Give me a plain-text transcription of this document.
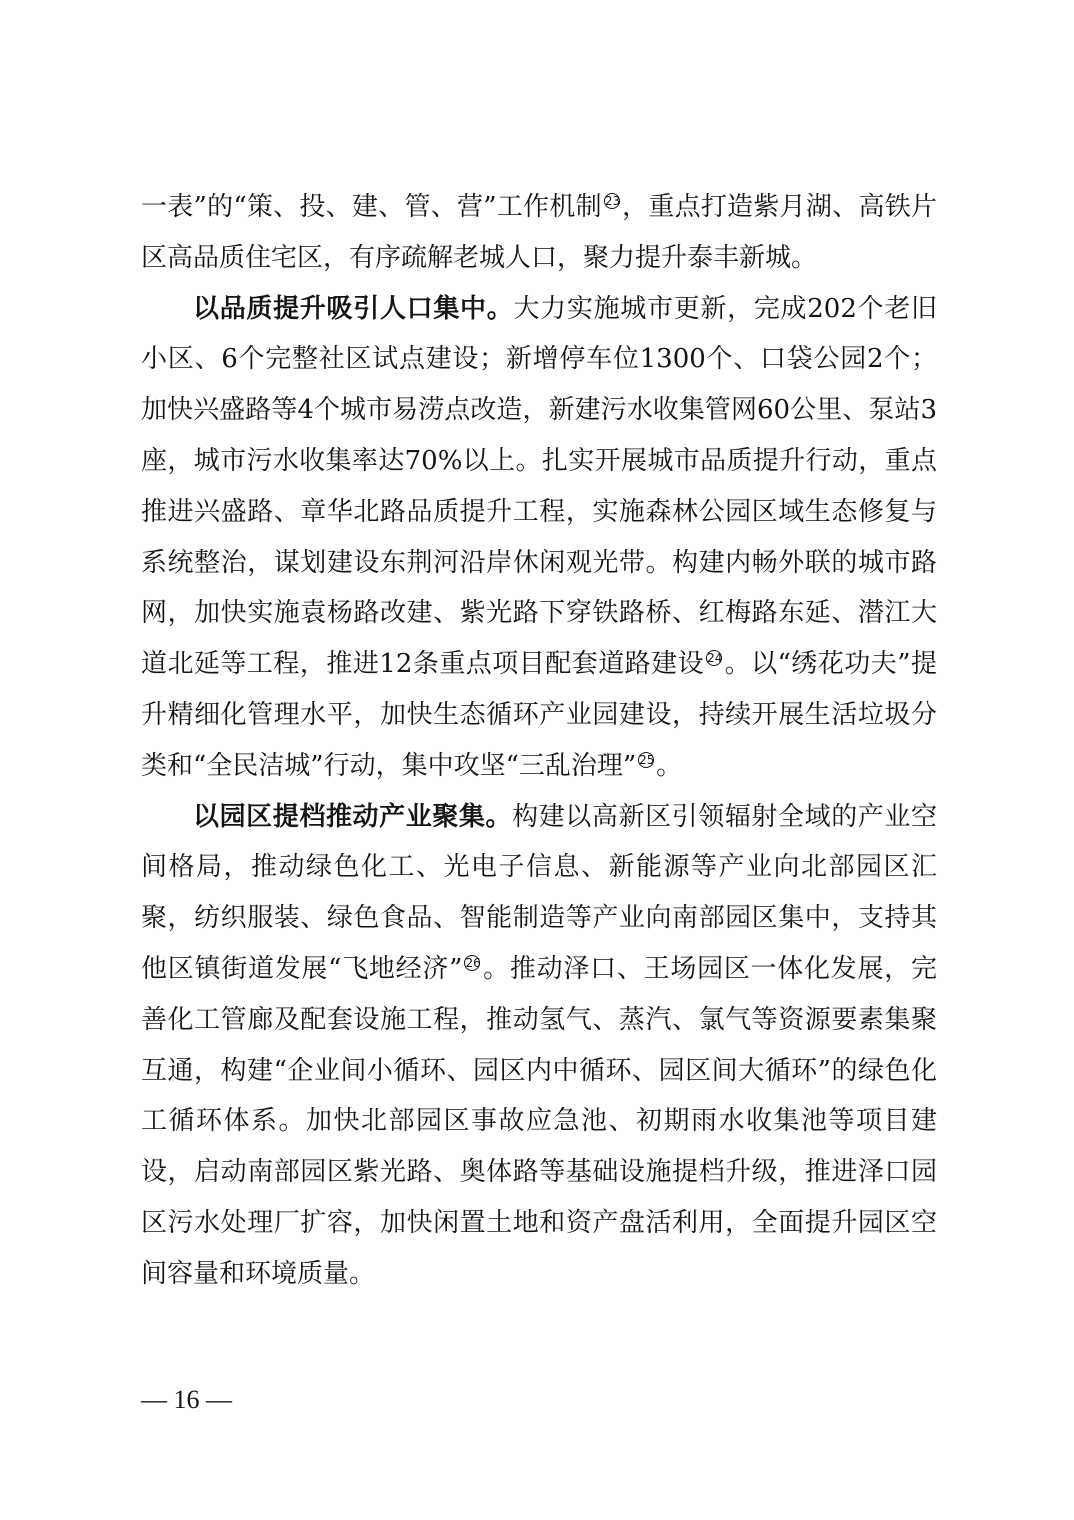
一表”的“策、投、建、管、营”工作机制 $^{23}$，重点打造紫月湖、高铁片区高品质住宅区，有序疏解老城人口，聚力提升泰丰新城。

以品质提升吸引人口集中。大力实施城市更新，完成202个老旧小区、6个完整社区试点建设；新增停车位1300个、口袋公园2个；加快兴盛路等4个城市易涝点改造，新建污水收集管网60公里、泵站3座，城市污水收集率达70%以上。扎实开展城市品质提升行动，重点推进兴盛路、章华北路品质提升工程，实施森林公园区域生态修复与系统整治，谋划建设东荆河沿岸休闲观光带。构建内畅外联的城市路网，加快实施袁杨路改建、紫光路下穿铁路桥、红梅路东延、潜江大道北延等工程，推进12条重点项目配套道路建设 $^{24}$。以“绣花功夫”提升精细化管理水平，加快生态循环产业园建设，持续开展生活垃圾分类和“全民洁城”行动，集中攻坚“三乱治理” $^{25}$。

以园区提档推动产业聚集。构建以高新区引领辐射全域的产业空间格局，推动绿色化工、光电子信息、新能源等产业向北部园区汇聚，纺织服装、绿色食品、智能制造等产业向南部园区集中，支持其他区镇街道发展“飞地经济” $^{26}$。推动泽口、王场园区一体化发展，完善化工管廊及配套设施工程，推动氢气、蒸汽、氯气等资源要素集聚互通，构建“企业间小循环、园区内中循环、园区间大循环”的绿色化工循环体系。加快北部园区事故应急池、初期雨水收集池等项目建设，启动南部园区紫光路、奥体路等基础设施提档升级，推进泽口园区污水处理厂扩容，加快闲置土地和资产盘活利用，全面提升园区空间容量和环境质量。

— 16 —
